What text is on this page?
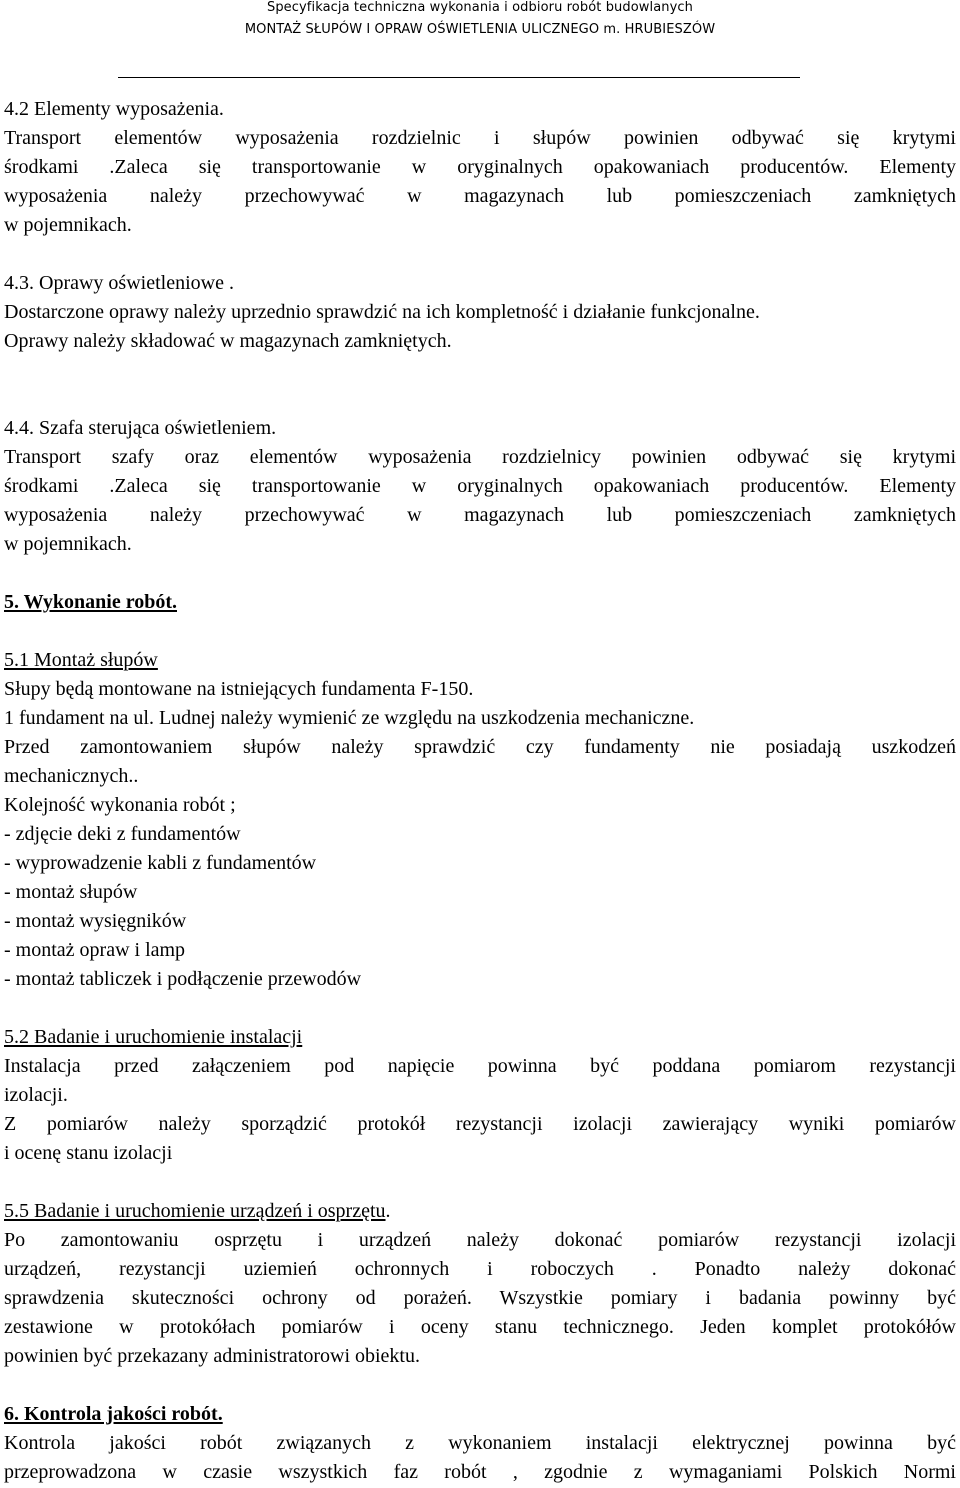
Specyfikacja techniczna wykonania i odbioru robót budowlanych
MONTAŻ SŁUPÓW I OPRAW OŚWIETLENIA ULICZNEGO m. HRUBIESZÓW
4.2 Elementy wyposażenia.
Transport elementów wyposażenia rozdzielnic i słupów powinien odbywać się krytymi
środkami .Zaleca się transportowanie w oryginalnych opakowaniach producentów. Elementy
wyposażenia należy przechowywać w magazynach lub pomieszczeniach zamkniętych
w pojemnikach.
4.3. Oprawy oświetleniowe .
Dostarczone oprawy należy uprzednio sprawdzić na ich kompletność i działanie funkcjonalne.
Oprawy należy składować w magazynach zamkniętych.
4.4. Szafa sterująca oświetleniem.
Transport szafy oraz elementów wyposażenia rozdzielnicy powinien odbywać się krytymi
środkami .Zaleca się transportowanie w oryginalnych opakowaniach producentów. Elementy
wyposażenia należy przechowywać w magazynach lub pomieszczeniach zamkniętych
w pojemnikach.
5. Wykonanie robót.
5.1 Montaż słupów
Słupy będą montowane na istniejących fundamenta F-150.
1 fundament na ul. Ludnej należy wymienić ze względu na uszkodzenia mechaniczne.
Przed zamontowaniem słupów należy sprawdzić czy fundamenty nie posiadają uszkodzeń
mechanicznych..
Kolejność wykonania robót ;
- zdjęcie deki z fundamentów
- wyprowadzenie kabli z fundamentów
- montaż słupów
- montaż wysięgników
- montaż opraw i lamp
- montaż tabliczek i podłączenie przewodów
5.2 Badanie i uruchomienie instalacji
Instalacja przed załączeniem pod napięcie powinna być poddana pomiarom rezystancji
izolacji.
Z pomiarów należy sporządzić protokół rezystancji izolacji zawierający wyniki pomiarów
i ocenę stanu izolacji
5.5 Badanie i uruchomienie urządzeń i osprzętu.
Po zamontowaniu osprzętu i urządzeń należy dokonać pomiarów rezystancji izolacji
urządzeń, rezystancji uziemień ochronnych i roboczych . Ponadto należy dokonać
sprawdzenia skuteczności ochrony od porażeń. Wszystkie pomiary i badania powinny być
zestawione w protokółach pomiarów i oceny stanu technicznego. Jeden komplet protokółów
powinien być przekazany administratorowi obiektu.
6. Kontrola jakości robót.
Kontrola jakości robót związanych z wykonaniem instalacji elektrycznej powinna być
przeprowadzona w czasie wszystkich faz robót , zgodnie z wymaganiami Polskich Normi
